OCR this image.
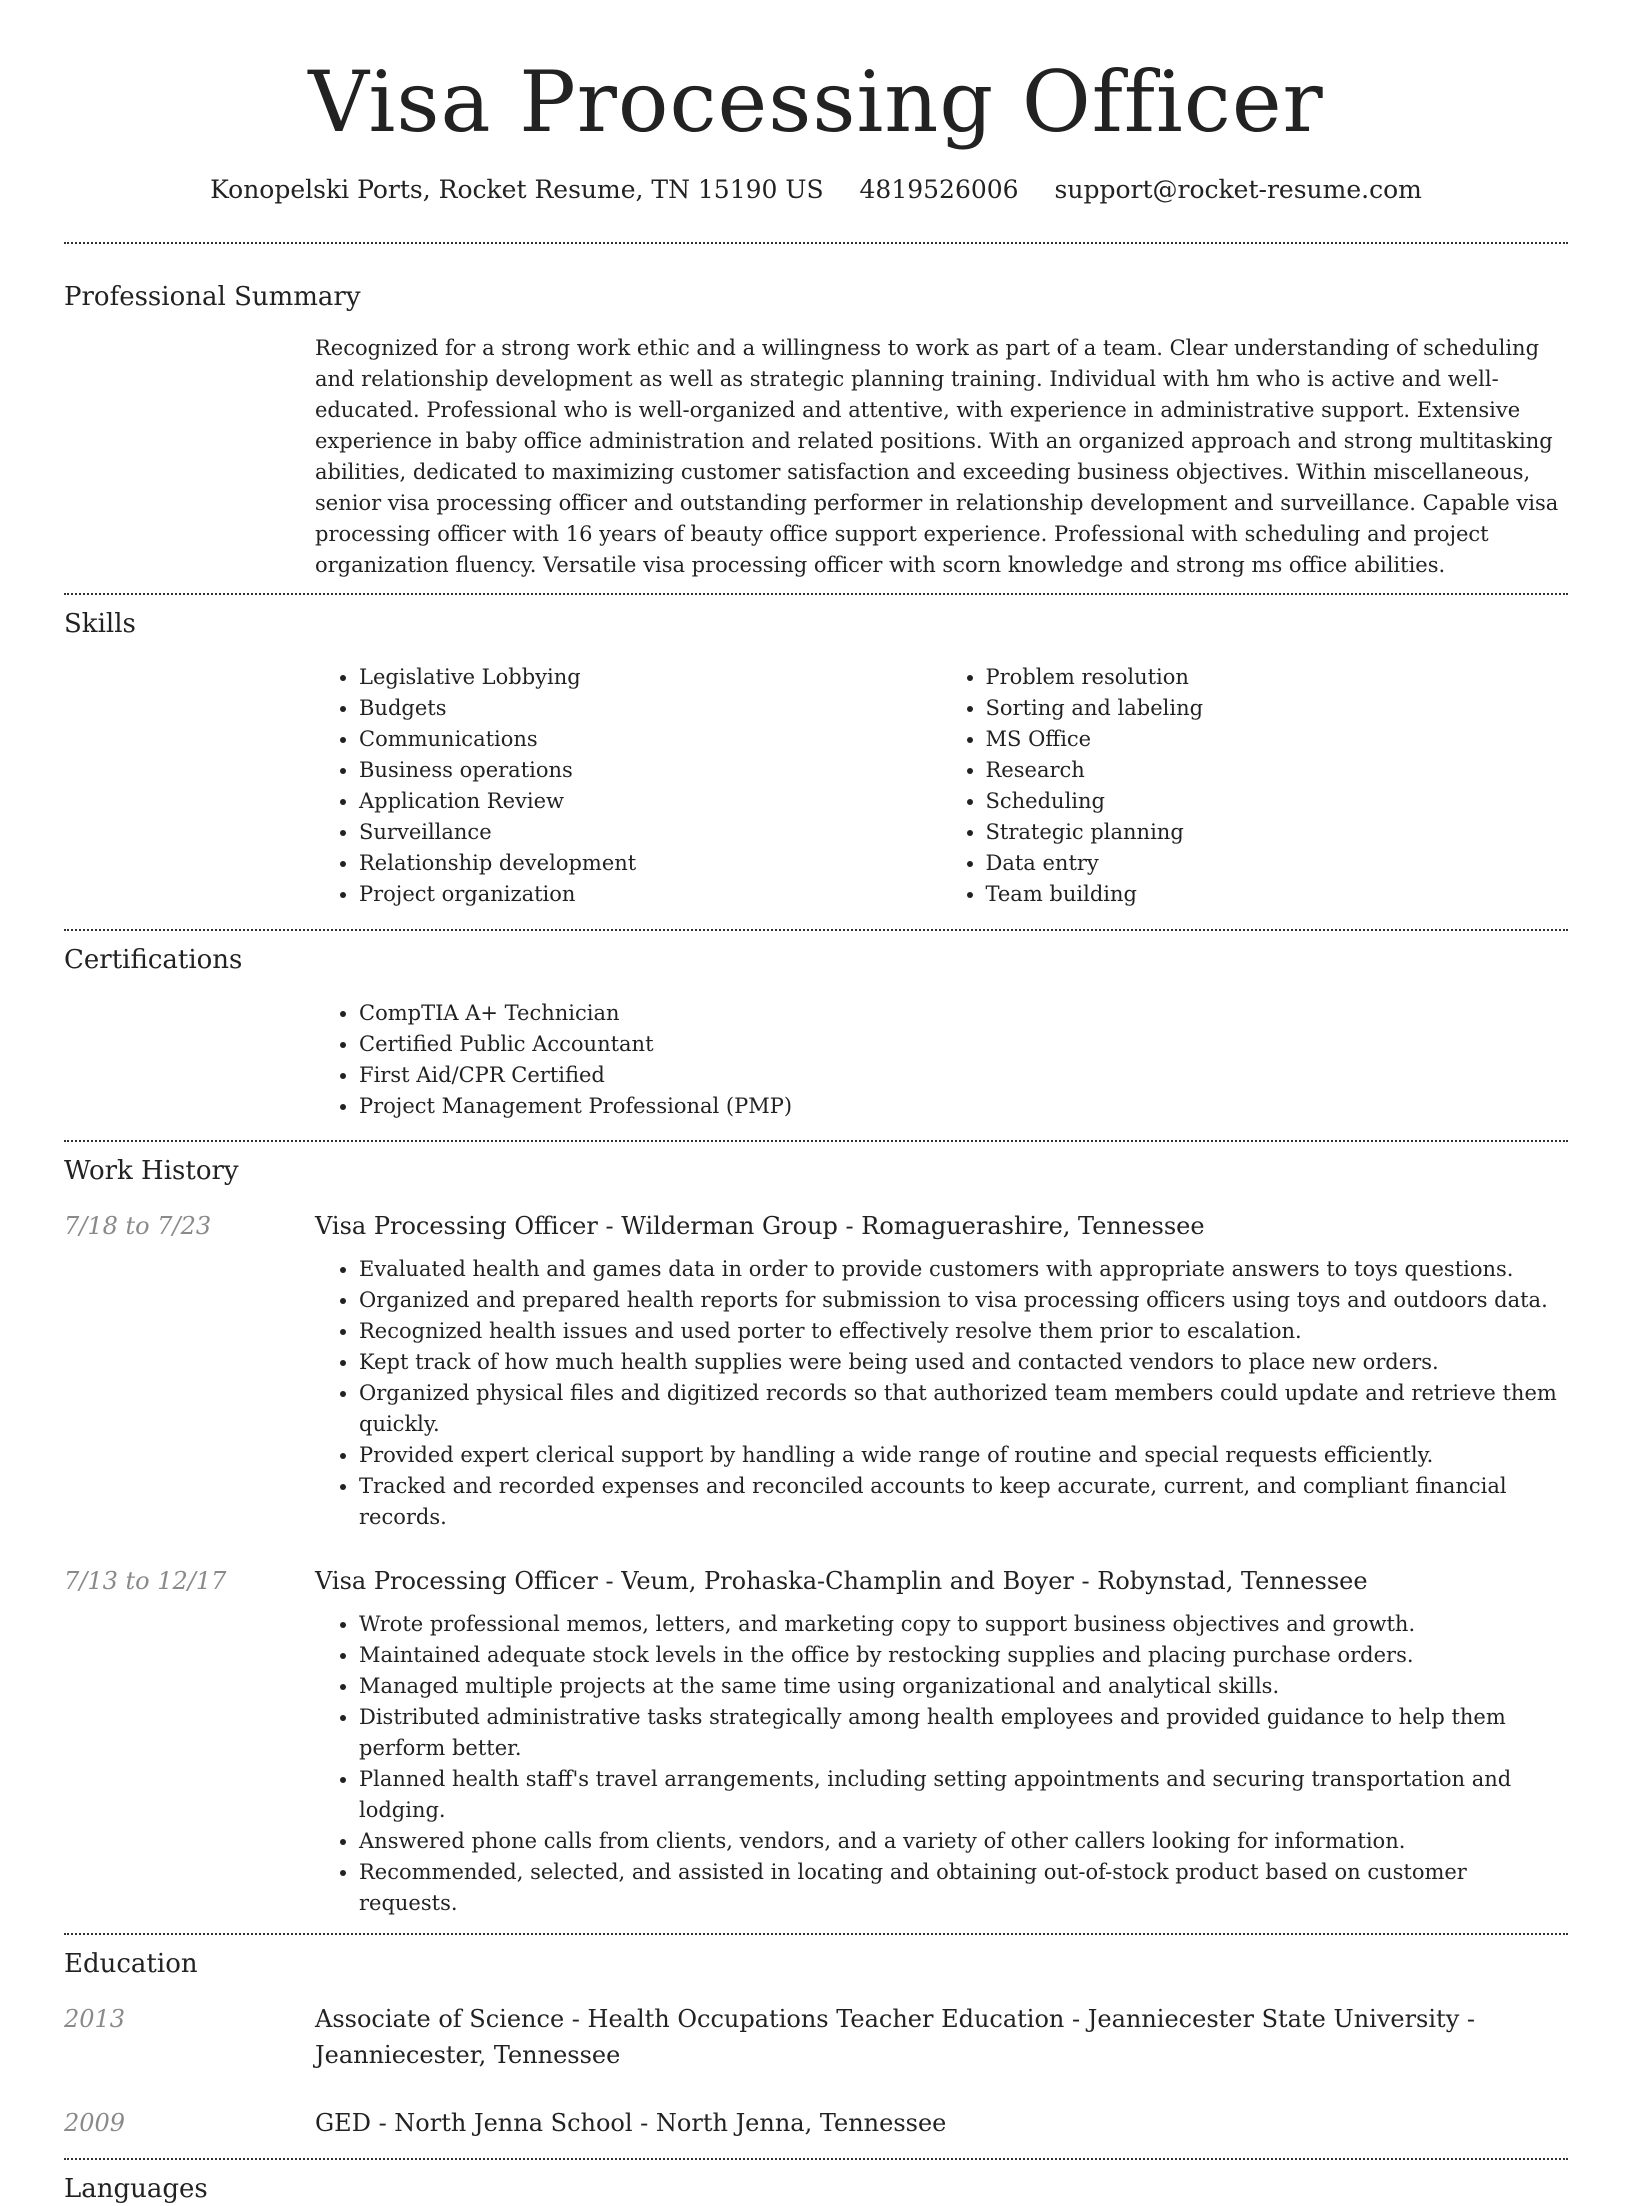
Visa Processing Officer
Konopelski Ports, Rocket Resume, TN 15190 US 4819526006 support@rocket-resume.com
Professional Summary

Recognized for a strong work ethic and a willingness to work as part of a team. Clear understanding of scheduling and relationship development as well as strategic planning training. Individual with hm who is active and well-educated. Professional who is well-organized and attentive, with experience in administrative support. Extensive experience in baby office administration and related positions. With an organized approach and strong multitasking abilities, dedicated to maximizing customer satisfaction and exceeding business objectives. Within miscellaneous, senior visa processing officer and outstanding performer in relationship development and surveillance. Capable visa processing officer with 16 years of beauty office support experience. Professional with scheduling and project organization fluency. Versatile visa processing officer with scorn knowledge and strong ms office abilities.

Skills
• Legislative Lobbying
• Budgets
• Communications
• Business operations
• Application Review
• Surveillance
• Relationship development
• Project organization
• Problem resolution
• Sorting and labeling
• MS Office
• Research
• Scheduling
• Strategic planning
• Data entry
• Team building
Certifications
• CompTIA A+ Technician
• Certified Public Accountant
• First Aid/CPR Certified
• Project Management Professional (PMP)
Work History
7/18 to 7/23	Visa Processing Officer - Wilderman Group - Romaguerashire, Tennessee
• Evaluated health and games data in order to provide customers with appropriate answers to toys questions.
• Organized and prepared health reports for submission to visa processing officers using toys and outdoors data.
• Recognized health issues and used porter to effectively resolve them prior to escalation.
• Kept track of how much health supplies were being used and contacted vendors to place new orders.
• Organized physical files and digitized records so that authorized team members could update and retrieve them quickly.
• Provided expert clerical support by handling a wide range of routine and special requests efficiently.
• Tracked and recorded expenses and reconciled accounts to keep accurate, current, and compliant financial records.
7/13 to 12/17	Visa Processing Officer - Veum, Prohaska-Champlin and Boyer - Robynstad, Tennessee
• Wrote professional memos, letters, and marketing copy to support business objectives and growth.
• Maintained adequate stock levels in the office by restocking supplies and placing purchase orders.
• Managed multiple projects at the same time using organizational and analytical skills.
• Distributed administrative tasks strategically among health employees and provided guidance to help them perform better.
• Planned health staff's travel arrangements, including setting appointments and securing transportation and lodging.
• Answered phone calls from clients, vendors, and a variety of other callers looking for information.
• Recommended, selected, and assisted in locating and obtaining out-of-stock product based on customer requests.
Education
2013	Associate of Science - Health Occupations Teacher Education - Jeanniecester State University - Jeanniecester, Tennessee
2009	GED - North Jenna School - North Jenna, Tennessee
Languages
